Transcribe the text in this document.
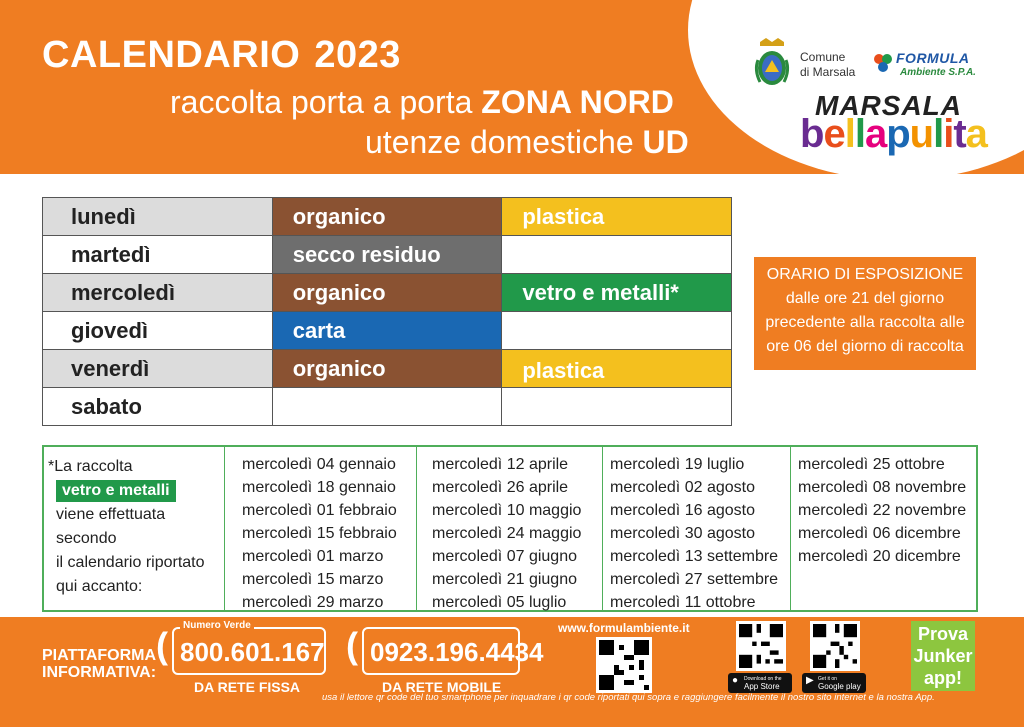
CALENDARIO 2023
raccolta porta a porta ZONA NORD
utenze domestiche UD
Comune
di Marsala
FORMULA
Ambiente S.P.A.
MARSALA
bellapulita
lunedì	organico	plastica
martedì	secco residuo	
mercoledì	organico	vetro e metalli*
giovedì	carta	
venerdì	organico	plastica
sabato		
ORARIO DI ESPOSIZIONE
dalle ore 21 del giorno
precedente alla raccolta alle
ore 06 del giorno di raccolta
*La raccolta
vetro e metalli
viene effettuata secondo
il calendario riportato
qui accanto:
mercoledì 04 gennaio
mercoledì 18 gennaio
mercoledì 01 febbraio
mercoledì 15 febbraio
mercoledì 01 marzo
mercoledì 15 marzo
mercoledì 29 marzo
mercoledì 12 aprile
mercoledì 26 aprile
mercoledì 10 maggio
mercoledì 24 maggio
mercoledì 07 giugno
mercoledì 21 giugno
mercoledì 05 luglio
mercoledì 19 luglio
mercoledì 02 agosto
mercoledì 16 agosto
mercoledì 30 agosto
mercoledì 13 settembre
mercoledì 27 settembre
mercoledì 11 ottobre
mercoledì 25 ottobre
mercoledì 08 novembre
mercoledì 22 novembre
mercoledì 06 dicembre
mercoledì 20 dicembre
PIATTAFORMA
INFORMATIVA:
(	Numero Verde
800.601.167
DA RETE FISSA
( 0923.196.4434
DA RETE MOBILE
www.formulambiente.it
● Download on the
App Store
▶ Get it on
Google play
Prova
Junker
app!
usa il lettore qr code del tuo smartphone per inquadrare i qr code riportati qui sopra e raggiungere facilmente il nostro sito internet e la nostra App.
